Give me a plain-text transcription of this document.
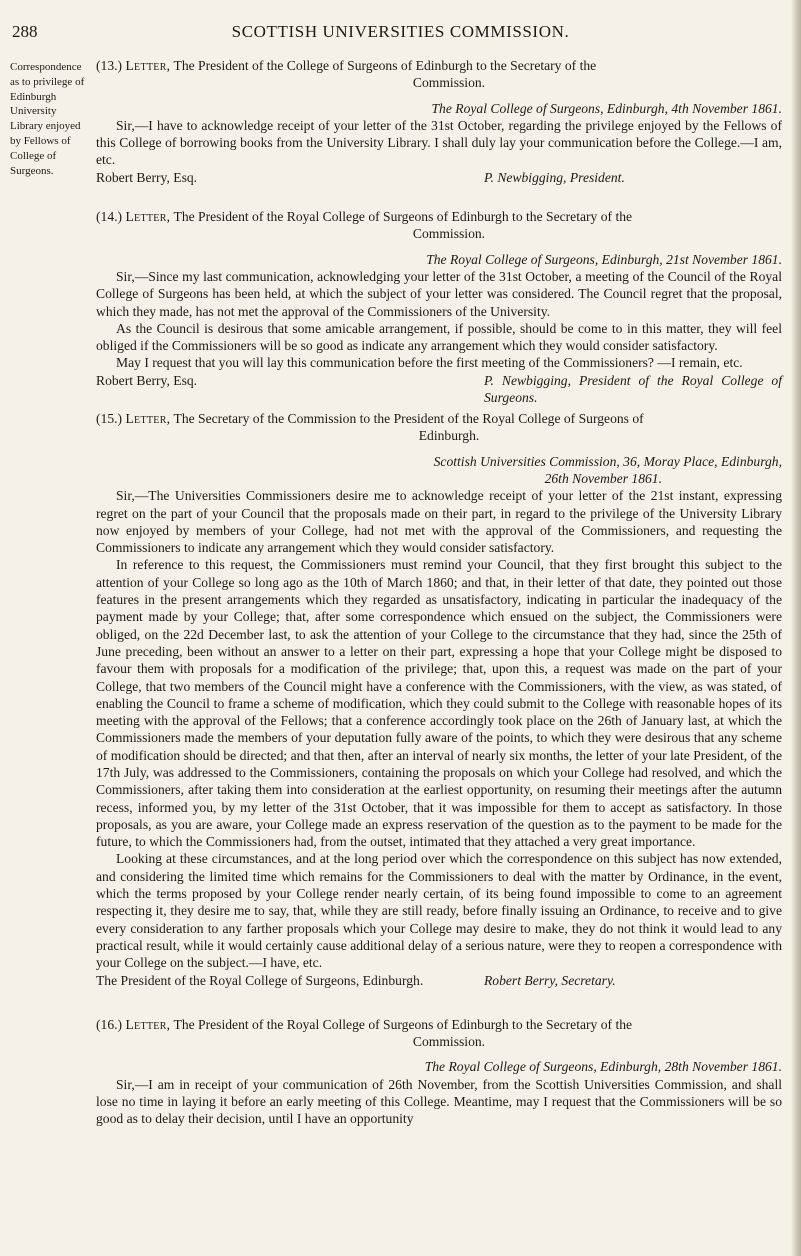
288	SCOTTISH UNIVERSITIES COMMISSION.
Correspondence as to privilege of Edinburgh University Library enjoyed by Fellows of College of Surgeons.

(13.) Letter, The President of the College of Surgeons of Edinburgh to the Secretary of the

Commission.

The Royal College of Surgeons, Edinburgh, 4th November 1861.

Sir,—I have to acknowledge receipt of your letter of the 31st October, regarding the privilege enjoyed by the Fellows of this College of borrowing books from the University Library. I shall duly lay your communication before the College.—I am, etc.

Robert Berry, Esq.	P. Newbigging, President.

(14.) Letter, The President of the Royal College of Surgeons of Edinburgh to the Secretary of the

Commission.

The Royal College of Surgeons, Edinburgh, 21st November 1861.

Sir,—Since my last communication, acknowledging your letter of the 31st October, a meeting of the Council of the Royal College of Surgeons has been held, at which the subject of your letter was considered. The Council regret that the proposal, which they made, has not met the approval of the Commissioners of the University.

As the Council is desirous that some amicable arrangement, if possible, should be come to in this matter, they will feel obliged if the Commissioners will be so good as indicate any arrangement which they would consider satisfactory.

May I request that you will lay this communication before the first meeting of the Commissioners? —I remain, etc.

Robert Berry, Esq.	P. Newbigging, President of the Royal College of Surgeons.

(15.) Letter, The Secretary of the Commission to the President of the Royal College of Surgeons of

Edinburgh.

Scottish Universities Commission, 36, Moray Place, Edinburgh,

26th November 1861.

Sir,—The Universities Commissioners desire me to acknowledge receipt of your letter of the 21st instant, expressing regret on the part of your Council that the proposals made on their part, in regard to the privilege of the University Library now enjoyed by members of your College, had not met with the approval of the Commissioners, and requesting the Commissioners to indicate any arrangement which they would consider satisfactory.

In reference to this request, the Commissioners must remind your Council, that they first brought this subject to the attention of your College so long ago as the 10th of March 1860; and that, in their letter of that date, they pointed out those features in the present arrangements which they regarded as unsatisfactory, indicating in particular the inadequacy of the payment made by your College; that, after some correspondence which ensued on the subject, the Commissioners were obliged, on the 22d December last, to ask the attention of your College to the circumstance that they had, since the 25th of June preceding, been without an answer to a letter on their part, expressing a hope that your College might be disposed to favour them with proposals for a modification of the privilege; that, upon this, a request was made on the part of your College, that two members of the Council might have a conference with the Commissioners, with the view, as was stated, of enabling the Council to frame a scheme of modification, which they could submit to the College with reasonable hopes of its meeting with the approval of the Fellows; that a conference accordingly took place on the 26th of January last, at which the Commissioners made the members of your deputation fully aware of the points, to which they were desirous that any scheme of modification should be directed; and that then, after an interval of nearly six months, the letter of your late President, of the 17th July, was addressed to the Commissioners, containing the proposals on which your College had resolved, and which the Commissioners, after taking them into consideration at the earliest opportunity, on resuming their meetings after the autumn recess, informed you, by my letter of the 31st October, that it was impossible for them to accept as satisfactory. In those proposals, as you are aware, your College made an express reservation of the question as to the payment to be made for the future, to which the Commissioners had, from the outset, intimated that they attached a very great importance.

Looking at these circumstances, and at the long period over which the correspondence on this subject has now extended, and considering the limited time which remains for the Commissioners to deal with the matter by Ordinance, in the event, which the terms proposed by your College render nearly certain, of its being found impossible to come to an agreement respecting it, they desire me to say, that, while they are still ready, before finally issuing an Ordinance, to receive and to give every consideration to any farther proposals which your College may desire to make, they do not think it would lead to any practical result, while it would certainly cause additional delay of a serious nature, were they to reopen a correspondence with your College on the subject.—I have, etc.

The President of the Royal College of Surgeons, Edinburgh.	Robert Berry, Secretary.

(16.) Letter, The President of the Royal College of Surgeons of Edinburgh to the Secretary of the

Commission.

The Royal College of Surgeons, Edinburgh, 28th November 1861.

Sir,—I am in receipt of your communication of 26th November, from the Scottish Universities Commission, and shall lose no time in laying it before an early meeting of this College. Meantime, may I request that the Commissioners will be so good as to delay their decision, until I have an opportunity
